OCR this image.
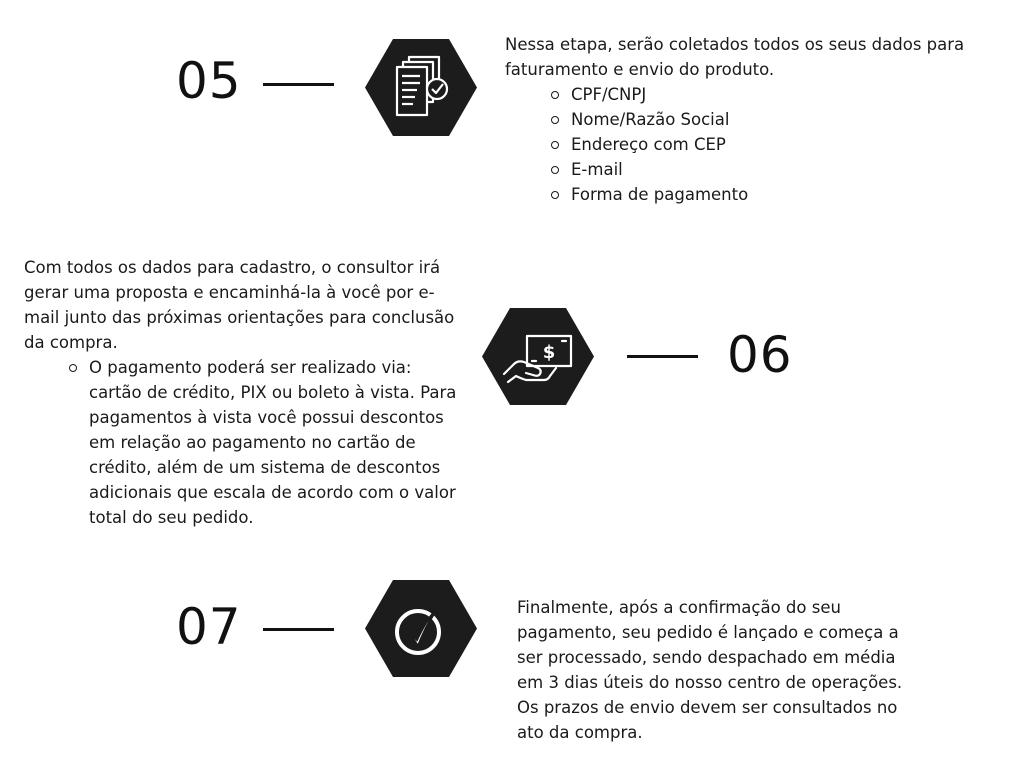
05

Nessa etapa, serão coletados todos os seus dados para faturamento e envio do produto.

CPF/CNPJ
Nome/Razão Social
Endereço com CEP
E-mail
Forma de pagamento

Com todos os dados para cadastro, o consultor irá gerar uma proposta e encaminhá-la à você por e-mail junto das próximas orientações para conclusão da compra.

O pagamento poderá ser realizado via: cartão de crédito, PIX ou boleto à vista. Para pagamentos à vista você possui descontos em relação ao pagamento no cartão de crédito, além de um sistema de descontos adicionais que escala de acordo com o valor total do seu pedido.
$	06
07	Finalmente, após a confirmação do seu pagamento, seu pedido é lançado e começa a ser processado, sendo despachado em média em 3 dias úteis do nosso centro de operações. Os prazos de envio devem ser consultados no ato da compra.
